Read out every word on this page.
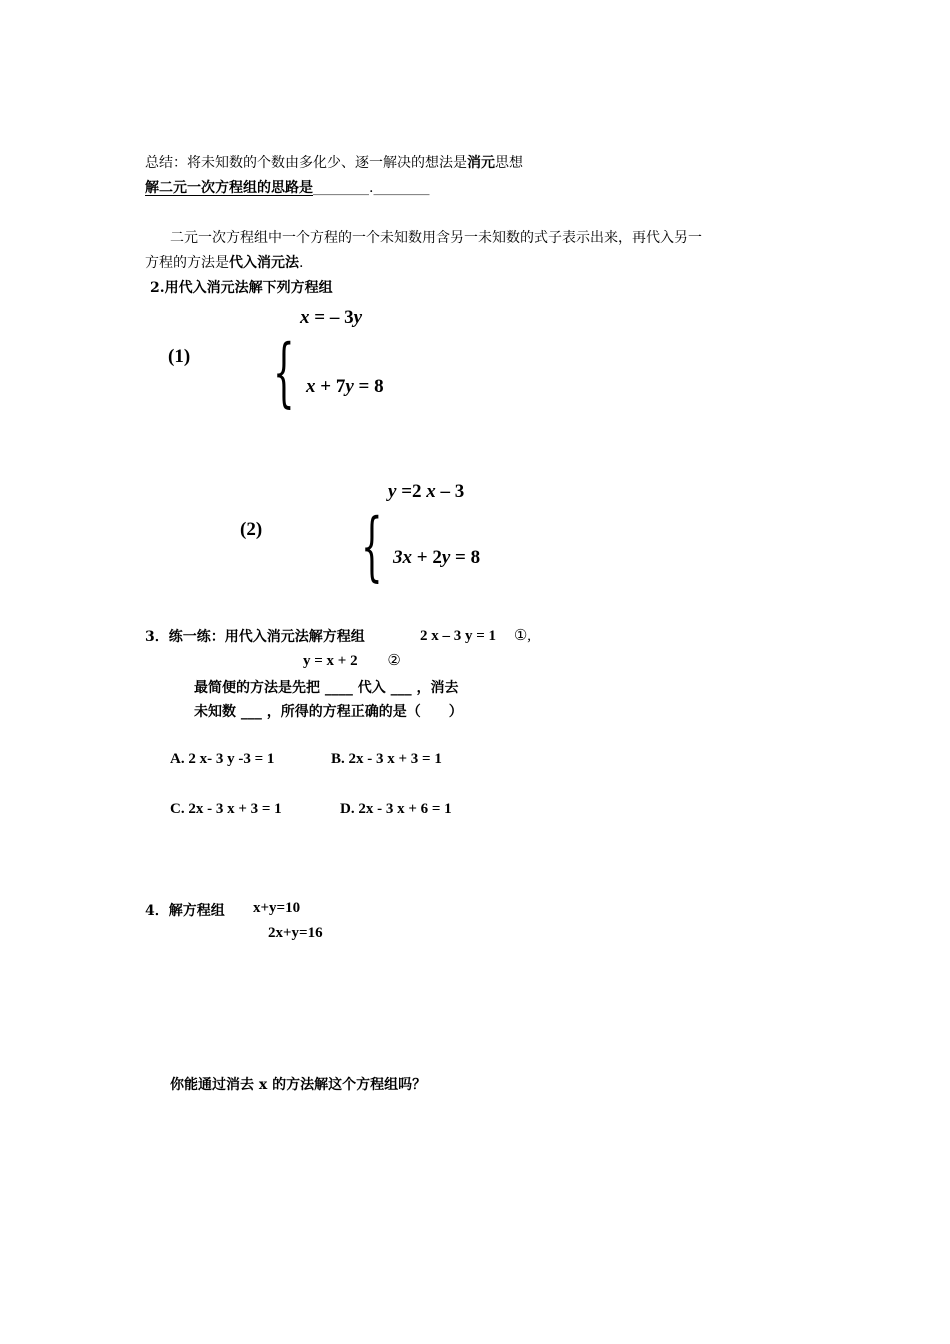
总结：将未知数的个数由多化少、逐一解决的想法是消元思想
解二元一次方程组的思路是________.________
二元一次方程组中一个方程的一个未知数用含另一未知数的式子表示出来，再代入另一
方程的方法是代入消元法.
2.用代入消元法解下列方程组
x = – 3y
(1) { x + 7y = 8
y =2 x – 3
(2)	{ 3x + 2y = 8
3．练一练：用代入消元法解方程组	2 x – 3 y = 1 ①,
y = x + 2 ②
最简便的方法是先把 ____ 代入 ___ ，消去
未知数 ___ ，所得的方程正确的是（　　）
A. 2 x- 3 y -3 = 1	B. 2x - 3 x + 3 = 1
C. 2x - 3 x + 3 = 1	D. 2x - 3 x + 6 = 1
4．解方程组 x+y=10
2x+y=16
你能通过消去 x 的方法解这个方程组吗？
